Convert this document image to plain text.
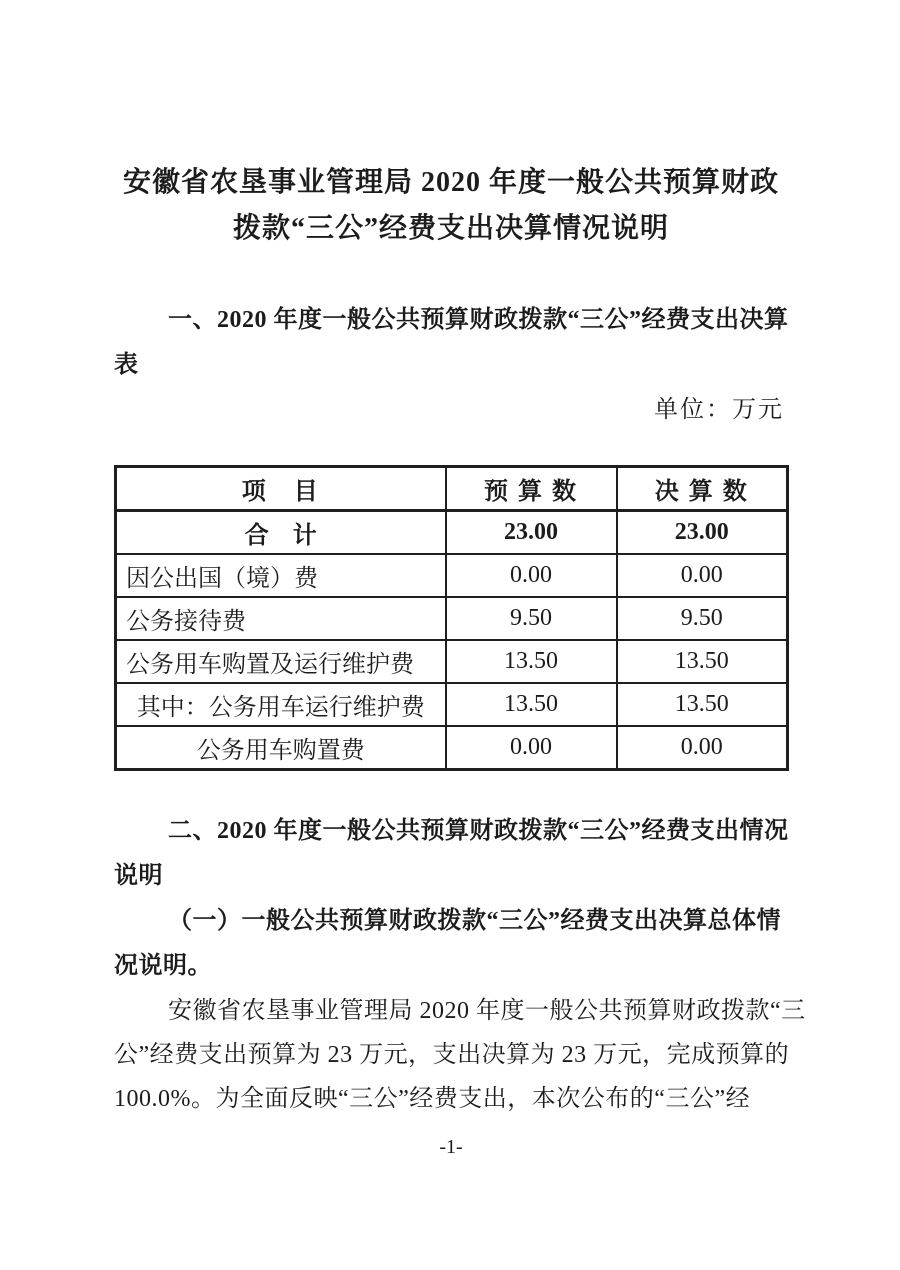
安徽省农垦事业管理局 2020 年度一般公共预算财政
拨款“三公”经费支出决算情况说明
一、2020 年度一般公共预算财政拨款“三公”经费支出决算
表
单位：万元
项　目	预 算 数	决 算 数
合　计	23.00	23.00
因公出国（境）费	0.00	0.00
公务接待费	9.50	9.50
公务用车购置及运行维护费	13.50	13.50
其中：公务用车运行维护费	13.50	13.50
公务用车购置费	0.00	0.00
二、2020 年度一般公共预算财政拨款“三公”经费支出情况
说明
（一）一般公共预算财政拨款“三公”经费支出决算总体情
况说明。
安徽省农垦事业管理局 2020 年度一般公共预算财政拨款“三
公”经费支出预算为 23 万元，支出决算为 23 万元，完成预算的
100.0%。为全面反映“三公”经费支出，本次公布的“三公”经
-1-
